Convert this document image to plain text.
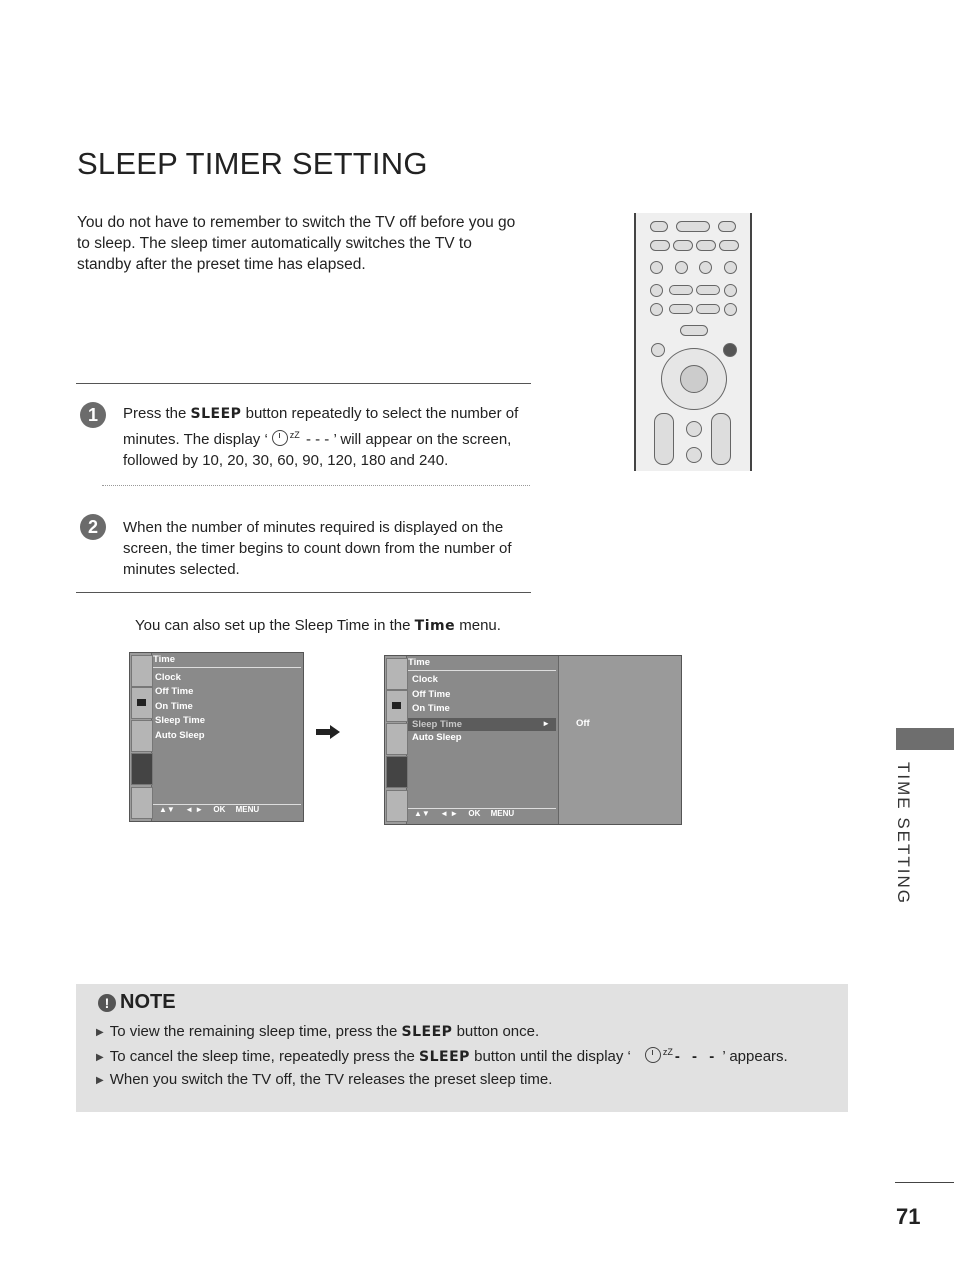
SLEEP TIMER SETTING
You do not have to remember to switch the TV off before you go to sleep. The sleep timer automatically switches the TV to standby after the preset time has elapsed.
1	Press the SLEEP button repeatedly to select the number of minutes. The display ‘ $^{zZ}$ - - - ’ will appear on the screen, followed by 10, 20, 30, 60, 90, 120, 180 and 240.
2	When the number of minutes required is displayed on the screen, the timer begins to count down from the number of minutes selected.
You can also set up the Sleep Time in the Time menu.
Time
Clock
Off Time
On Time
Sleep Time
Auto Sleep
▲▼ ◄ ► OK MENU
Time
Clock
Off Time
On Time
Sleep Time	►
Auto Sleep
▲▼ ◄ ► OK MENU
Off
TIME SETTING
! NOTE
▶ To view the remaining sleep time, press the SLEEP button once.
▶ To cancel the sleep time, repeatedly press the SLEEP button until the display ‘	$^{zZ}$ - - - ’ appears.
▶ When you switch the TV off, the TV releases the preset sleep time.
71
